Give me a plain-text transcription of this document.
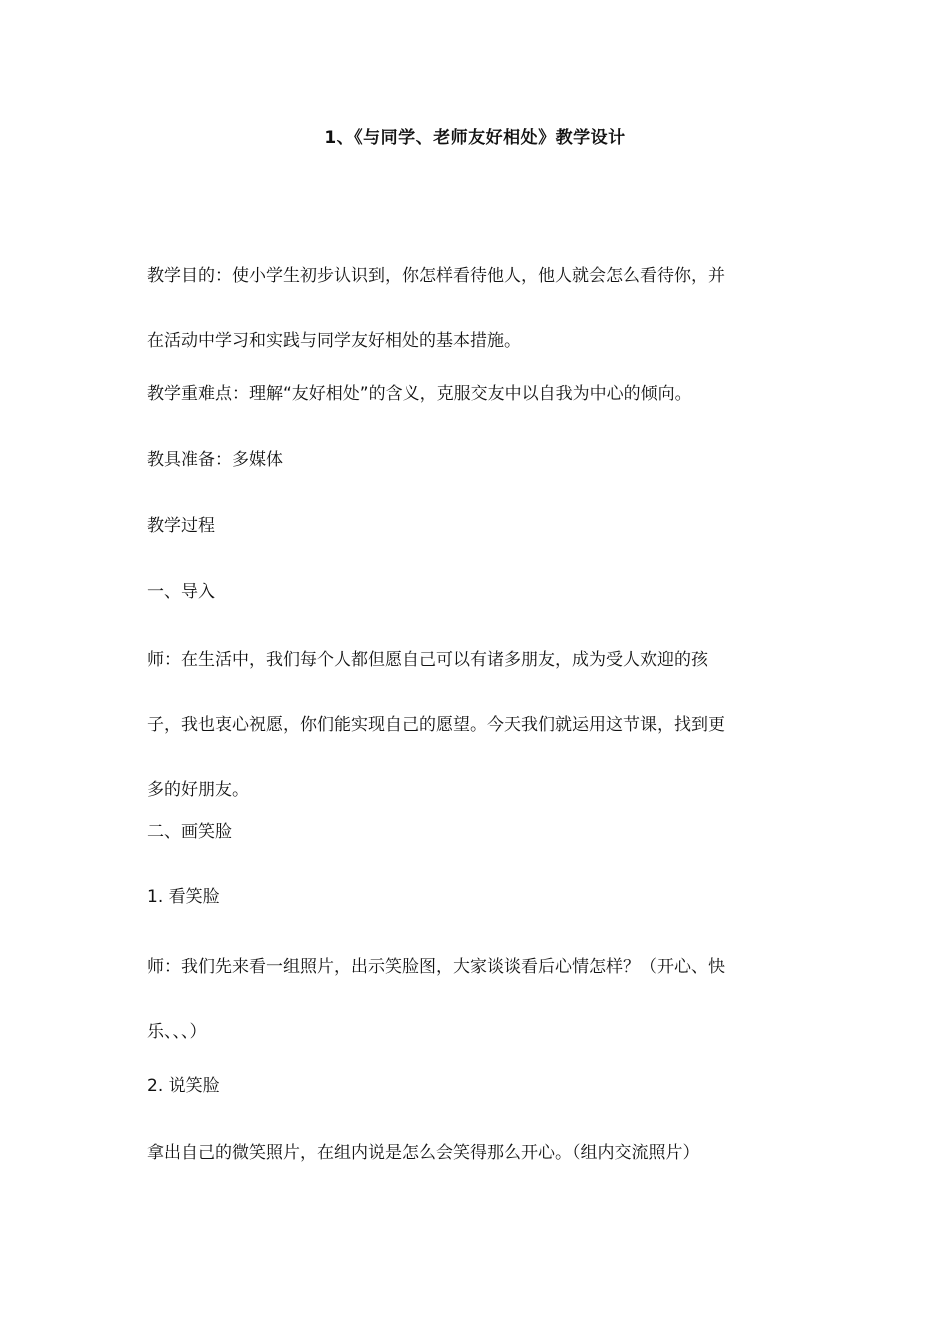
1、《与同学、老师友好相处》教学设计
教学目的：使小学生初步认识到，你怎样看待他人，他人就会怎么看待你，并
在活动中学习和实践与同学友好相处的基本措施。
教学重难点：理解“友好相处”的含义，克服交友中以自我为中心的倾向。
教具准备：多媒体
教学过程
一、导入
师：在生活中，我们每个人都但愿自己可以有诸多朋友，成为受人欢迎的孩
子，我也衷心祝愿，你们能实现自己的愿望。今天我们就运用这节课，找到更
多的好朋友。
二、画笑脸
1. 看笑脸
师：我们先来看一组照片，出示笑脸图，大家谈谈看后心情怎样？（开心、快
乐、、、）
2. 说笑脸
拿出自己的微笑照片，在组内说是怎么会笑得那么开心。（组内交流照片）
